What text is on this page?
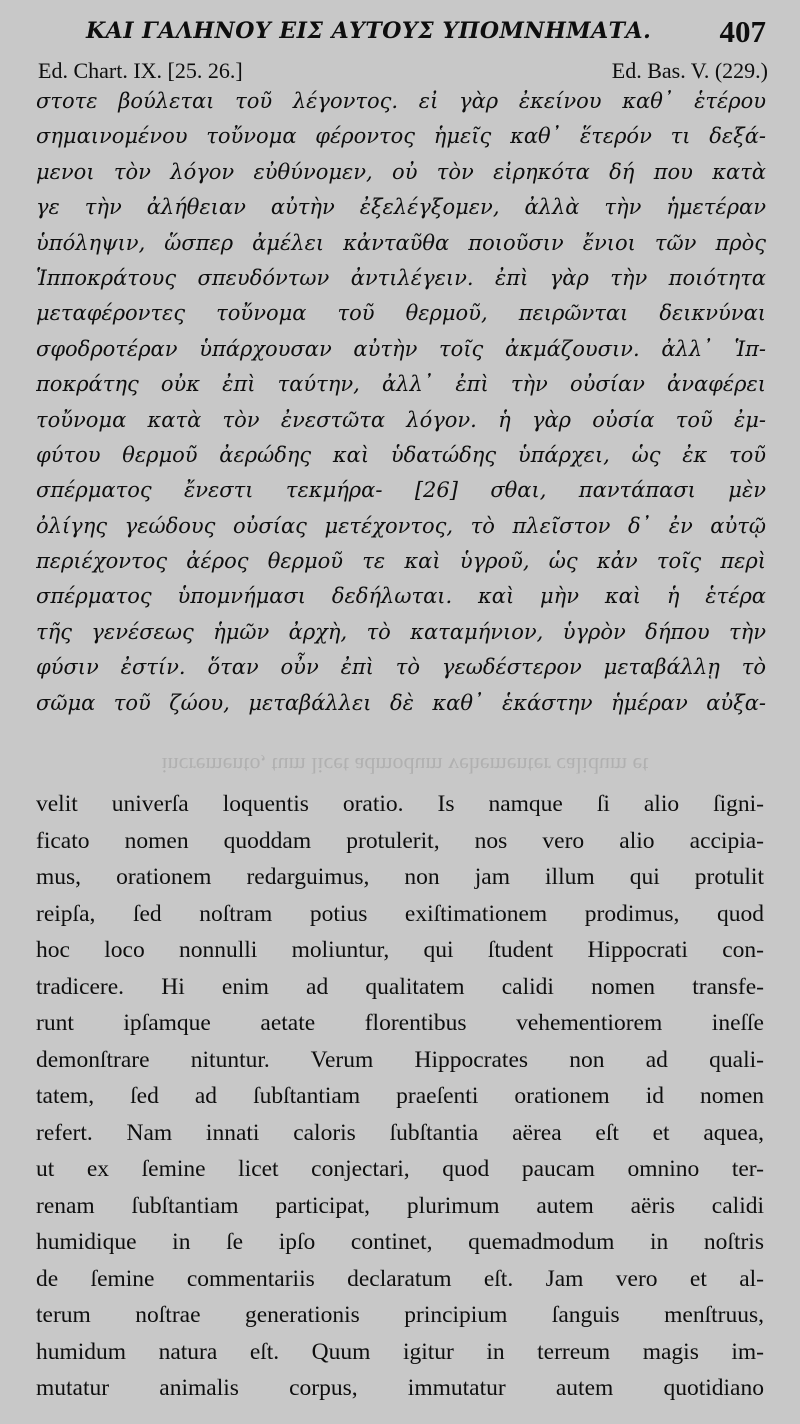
ΚΑΙ ΓΑΛΗΝΟΥ ΕΙΣ ΑΥΤΟΥΣ ΥΠΟΜΝΗΜΑΤΑ. 407
Ed. Chart. IX. [25. 26.]	Ed. Bas. V. (229.)
στοτε βούλεται τοῦ λέγοντος. εἰ γὰρ ἐκείνου καθ᾽ ἑτέρου
σημαινομένου τοὔνομα φέροντος ἡμεῖς καθ᾽ ἕτερόν τι δεξά-
μενοι τὸν λόγον εὐθύνομεν, οὐ τὸν εἰρηκότα δή που κατὰ
γε τὴν ἀλήθειαν αὐτὴν ἐξελέγξομεν, ἀλλὰ τὴν ἡμετέραν
ὑπόληψιν, ὥσπερ ἀμέλει κἀνταῦθα ποιοῦσιν ἔνιοι τῶν πρὸς
Ἱπποκράτους σπευδόντων ἀντιλέγειν. ἐπὶ γὰρ τὴν ποιότητα
μεταφέροντες τοὔνομα τοῦ θερμοῦ, πειρῶνται δεικνύναι
σφοδροτέραν ὑπάρχουσαν αὐτὴν τοῖς ἀκμάζουσιν. ἀλλ᾽ Ἱπ-
ποκράτης οὐκ ἐπὶ ταύτην, ἀλλ᾽ ἐπὶ τὴν οὐσίαν ἀναφέρει
τοὔνομα κατὰ τὸν ἐνεστῶτα λόγον. ἡ γὰρ οὐσία τοῦ ἐμ-
φύτου θερμοῦ ἀερώδης καὶ ὑδατώδης ὑπάρχει, ὡς ἐκ τοῦ
σπέρματος ἔνεστι τεκμήρα- [26] σθαι, παντάπασι μὲν
ὀλίγης γεώδους οὐσίας μετέχοντος, τὸ πλεῖστον δ᾽ ἐν αὐτῷ
περιέχοντος ἀέρος θερμοῦ τε καὶ ὑγροῦ, ὡς κἀν τοῖς περὶ
σπέρματος ὑπομνήμασι δεδήλωται. καὶ μὴν καὶ ἡ ἑτέρα
τῆς γενέσεως ἡμῶν ἀρχὴ, τὸ καταμήνιον, ὑγρὸν δήπου τὴν
φύσιν ἐστίν. ὅταν οὖν ἐπὶ τὸ γεωδέστερον μεταβάλλῃ τὸ
σῶμα τοῦ ζώου, μεταβάλλει δὲ καθ᾽ ἑκάστην ἡμέραν αὐξα-
incremento, tum licet admodum vehementer calidum et
velit univerſa loquentis oratio. Is namque ſi alio ſigni-
ficato nomen quoddam protulerit, nos vero alio accipia-
mus, orationem redarguimus, non jam illum qui protulit
reipſa, ſed noſtram potius exiſtimationem prodimus, quod
hoc loco nonnulli moliuntur, qui ſtudent Hippocrati con-
tradicere. Hi enim ad qualitatem calidi nomen transfe-
runt ipſamque aetate florentibus vehementiorem ineſſe
demonſtrare nituntur. Verum Hippocrates non ad quali-
tatem, ſed ad ſubſtantiam praeſenti orationem id nomen
refert. Nam innati caloris ſubſtantia aërea eſt et aquea,
ut ex ſemine licet conjectari, quod paucam omnino ter-
renam ſubſtantiam participat, plurimum autem aëris calidi
humidique in ſe ipſo continet, quemadmodum in noſtris
de ſemine commentariis declaratum eſt. Jam vero et al-
terum noſtrae generationis principium ſanguis menſtruus,
humidum natura eſt. Quum igitur in terreum magis im-
mutatur animalis corpus, immutatur autem quotidiano
